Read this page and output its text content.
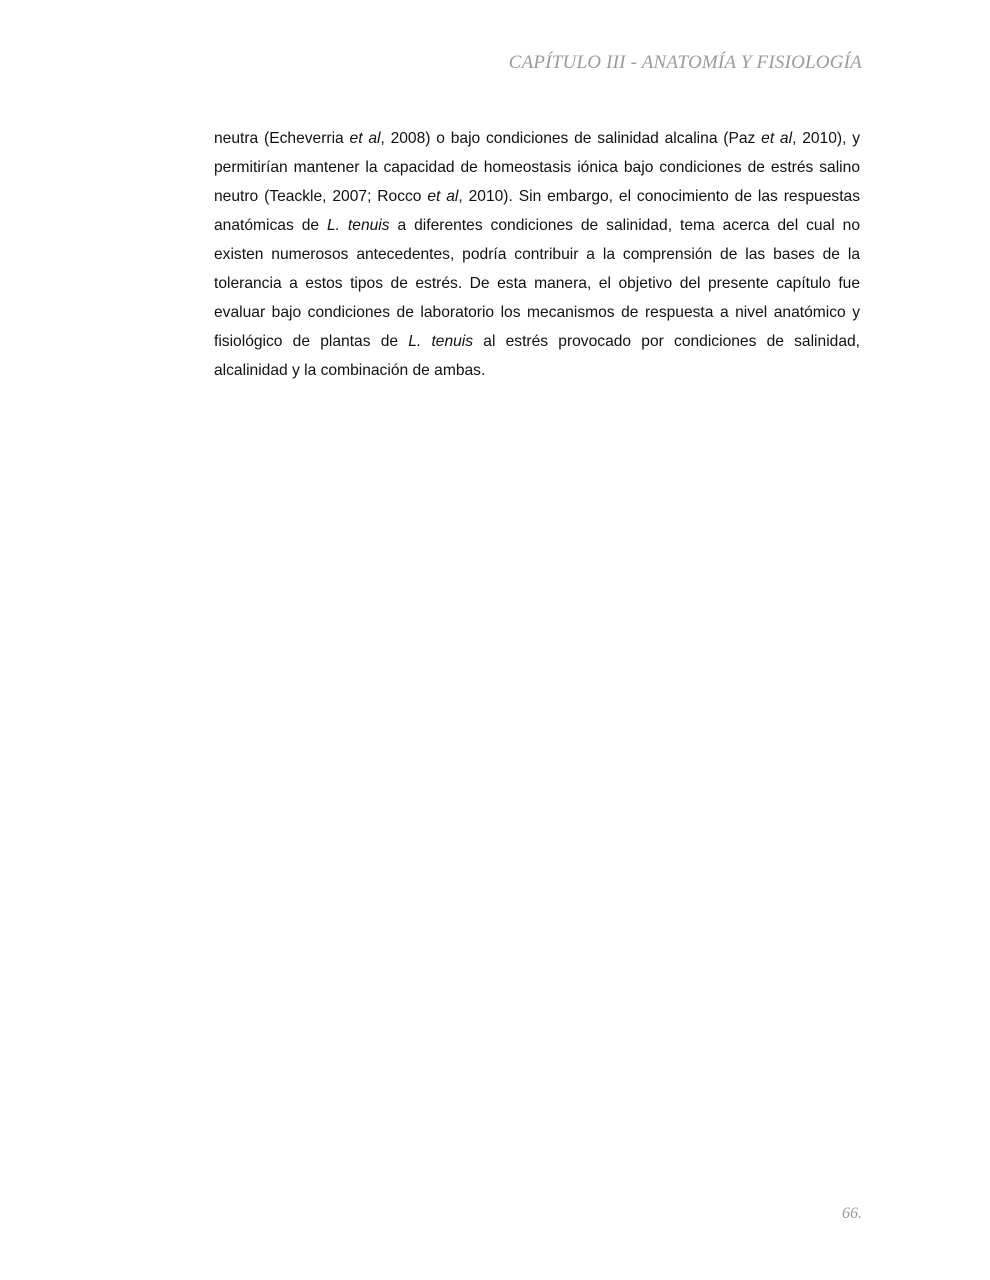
CAPÍTULO III - ANATOMÍA Y FISIOLOGÍA

neutra (Echeverria et al, 2008) o bajo condiciones de salinidad alcalina (Paz et al, 2010), y permitirían mantener la capacidad de homeostasis iónica bajo condiciones de estrés salino neutro (Teackle, 2007; Rocco et al, 2010). Sin embargo, el conocimiento de las respuestas anatómicas de L. tenuis a diferentes condiciones de salinidad, tema acerca del cual no existen numerosos antecedentes, podría contribuir a la comprensión de las bases de la tolerancia a estos tipos de estrés. De esta manera, el objetivo del presente capítulo fue evaluar bajo condiciones de laboratorio los mecanismos de respuesta a nivel anatómico y fisiológico de plantas de L. tenuis al estrés provocado por condiciones de salinidad, alcalinidad y la combinación de ambas.

66.
